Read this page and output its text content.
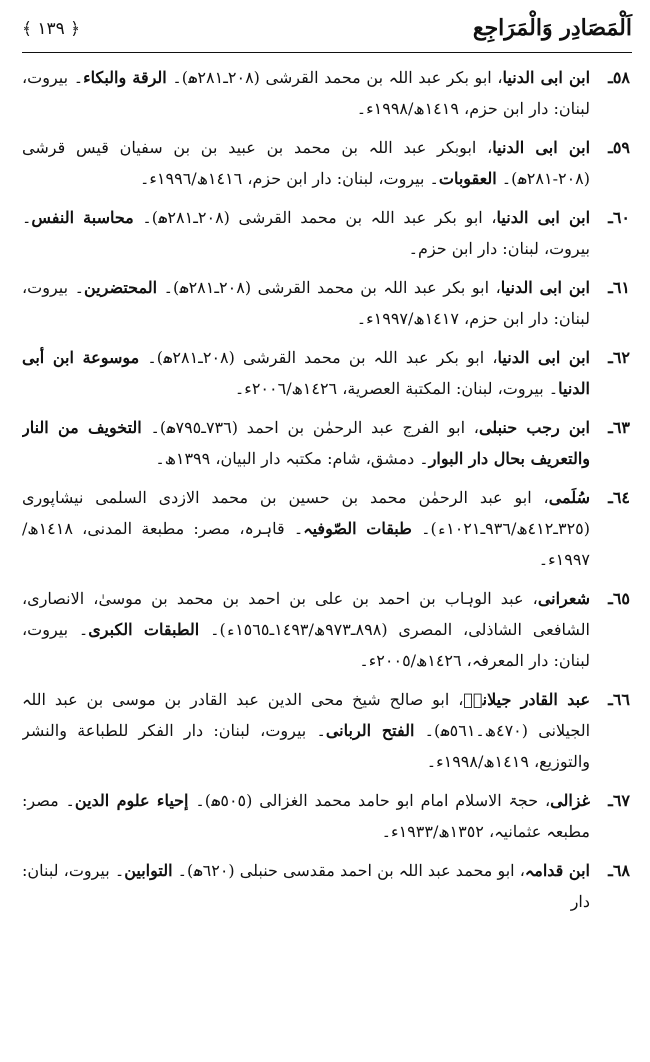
اَلْمَصَادِر وَالْمَرَاجِع
﴿ ١٣٩ ﴾
٥٨ـ
ابن ابی الدنیا، ابو بکر عبد اللہ بن محمد القرشی (٢٠٨ـ٢٨١ھ)۔ الرقة والبکاء۔ بیروت، لبنان: دار ابن حزم، ١٤١٩ھ/١٩٩٨ء۔
٥٩ـ
ابن ابی الدنیا، ابوبکر عبد اللہ بن محمد بن عبید بن بن سفیان قیس قرشی (٢٠٨-٢٨١ھ)۔ العقوبات۔ بیروت، لبنان: دار ابن حزم، ١٤١٦ھ/١٩٩٦ء۔
٦٠ـ
ابن ابی الدنیا، ابو بکر عبد اللہ بن محمد القرشی (٢٠٨ـ٢٨١ھ)۔ محاسبة النفس۔ بیروت، لبنان: دار ابن حزم۔
٦١ـ
ابن ابی الدنیا، ابو بکر عبد اللہ بن محمد القرشی (٢٠٨ـ٢٨١ھ)۔ المحتضرین۔ بیروت، لبنان: دار ابن حزم، ١٤١٧ھ/١٩٩٧ء۔
٦٢ـ
ابن ابی الدنیا، ابو بکر عبد اللہ بن محمد القرشی (٢٠٨ـ٢٨١ھ)۔ موسوعة ابن أبی الدنیا۔ بیروت، لبنان: المکتبة العصریة، ١٤٢٦ھ/٢٠٠٦ء۔
٦٣ـ
ابن رجب حنبلی، ابو الفرج عبد الرحمٰن بن احمد (٧٣٦ـ٧٩٥ھ)۔ التخویف من النار والتعریف بحال دار البوار۔ دمشق، شام: مکتبہ دار البیان، ١٣٩٩ھ۔
٦٤ـ
سُلَمی، ابو عبد الرحمٰن محمد بن حسین بن محمد الازدی السلمی نیشاپوری (٣٢٥ـ٤١٢ھ/٩٣٦ـ١٠٢١ء)۔ طبقات الصّوفیہ۔ قاہرہ، مصر: مطبعة المدنی، ١٤١٨ھ/١٩٩٧ء۔
٦٥ـ
شعرانی، عبد الوہاب بن احمد بن علی بن احمد بن محمد بن موسیٰ، الانصاری، الشافعی الشاذلی، المصری (٨٩٨ـ٩٧٣ھ/١٤٩٣ـ١٥٦٥ء)۔ الطبقات الکبری۔ بیروت، لبنان: دار المعرفہ، ١٤٢٦ھ/٢٠٠٥ء۔
٦٦ـ
عبد القادر جیلانیؒ، ابو صالح شیخ محی الدین عبد القادر بن موسی بن عبد اللہ الجیلانی (٤٧٠ھ۔٥٦١ھ)۔ الفتح الربانی۔ بیروت، لبنان: دار الفکر للطباعة والنشر والتوزیع، ١٤١٩ھ/١٩٩٨ء۔
٦٧ـ
غزالی، حجۃ الاسلام امام ابو حامد محمد الغزالی (٥٠٥ھ)۔ إحیاء علوم الدین۔ مصر: مطبعہ عثمانیہ، ١٣٥٢ھ/١٩٣٣ء۔
٦٨ـ
ابن قدامہ، ابو محمد عبد اللہ بن احمد مقدسی حنبلی (٦٢٠ھ)۔ التوابین۔ بیروت، لبنان: دار
